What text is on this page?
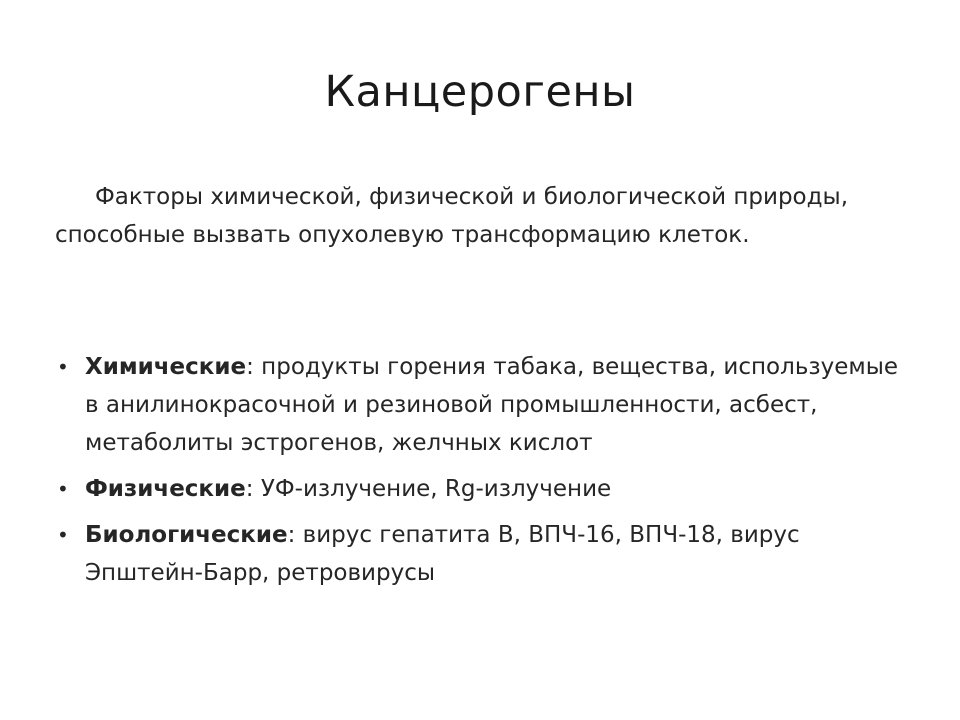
Канцерогены

Факторы химической, физической и биологической природы, способные вызвать опухолевую трансформацию клеток.

• Химические: продукты горения табака, вещества, используемые в анилинокрасочной и резиновой промышленности, асбест, метаболиты эстрогенов, желчных кислот
• Физические: УФ-излучение, Rg-излучение
• Биологические: вирус гепатита В, ВПЧ-16, ВПЧ-18, вирус Эпштейн-Барр, ретровирусы
